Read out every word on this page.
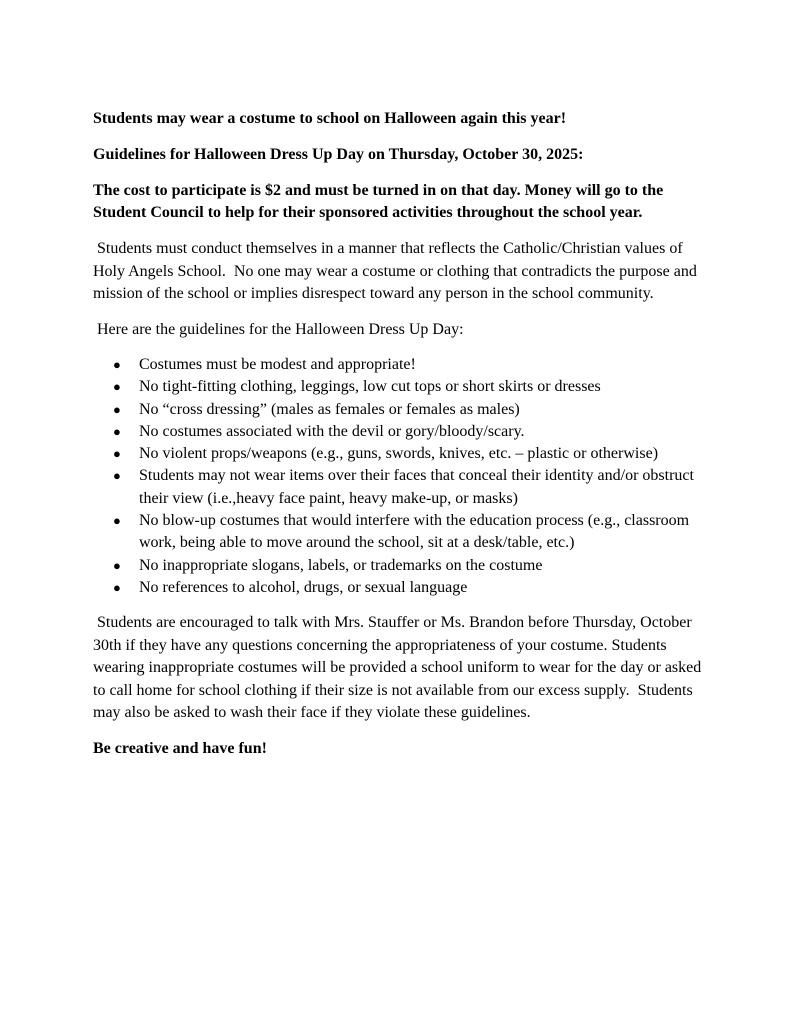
Students may wear a costume to school on Halloween again this year!

Guidelines for Halloween Dress Up Day on Thursday, October 30, 2025:

The cost to participate is $2 and must be turned in on that day. Money will go to the Student Council to help for their sponsored activities throughout the school year.

Students must conduct themselves in a manner that reflects the Catholic/Christian values of Holy Angels School.  No one may wear a costume or clothing that contradicts the purpose and mission of the school or implies disrespect toward any person in the school community.

Here are the guidelines for the Halloween Dress Up Day:

● Costumes must be modest and appropriate!
● No tight-fitting clothing, leggings, low cut tops or short skirts or dresses
● No “cross dressing” (males as females or females as males)
● No costumes associated with the devil or gory/bloody/scary.
● No violent props/weapons (e.g., guns, swords, knives, etc. – plastic or otherwise)
● Students may not wear items over their faces that conceal their identity and/or obstruct their view (i.e.,heavy face paint, heavy make-up, or masks)
● No blow-up costumes that would interfere with the education process (e.g., classroom work, being able to move around the school, sit at a desk/table, etc.)
● No inappropriate slogans, labels, or trademarks on the costume
● No references to alcohol, drugs, or sexual language

Students are encouraged to talk with Mrs. Stauffer or Ms. Brandon before Thursday, October 30th if they have any questions concerning the appropriateness of your costume. Students wearing inappropriate costumes will be provided a school uniform to wear for the day or asked to call home for school clothing if their size is not available from our excess supply.  Students may also be asked to wash their face if they violate these guidelines.

Be creative and have fun!
